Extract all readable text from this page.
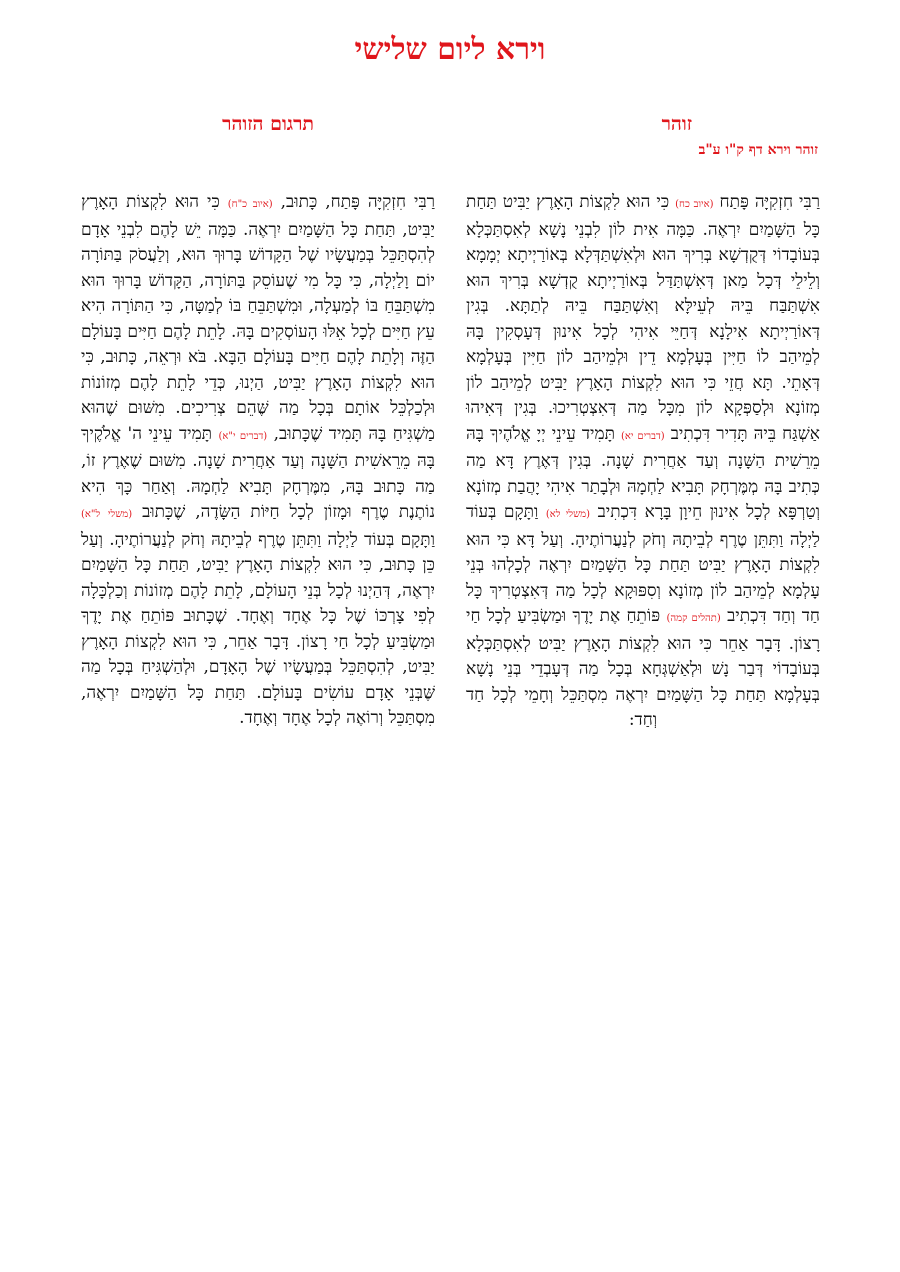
וירא ליום שלישי
זוהר
תרגום הזוהר
זוהר וירא דף ק"ו ע"ב
רַבִּי חִזְקִיָּה פָּתַח (איוב כח) כִּי הוּא לִקְצוֹת הָאָרֶץ יַבִּיט תַּחַת כָּל הַשָּׁמַיִם יִרְאֶה. כַּמָּה אִית לוֹן לִבְנֵי נָשָׁא לְאִסְתַּכְּלָא בְּעוֹבָדוֹי דְּקֻדְשָׁא בְּרִיךְ הוּא וּלְאִשְׁתַּדְּלָא בְּאוֹרַיְיתָא יְמָמָא וְלֵילֵי דְּכָל מַאן דְּאִשְׁתַּדַּל בְּאוֹרַיְיתָא קֻדְשָׁא בְּרִיךְ הוּא אִשְׁתַּבַּח בֵּיהּ לְעֵילָּא וְאִשְׁתַּבַּח בֵּיהּ לְתַתָּא. בְּגִין דְּאוֹרַיְיתָא אִילָנָא דְּחַיֵּי אִיהִי לְכָל אִינוּן דְּעָסְקִין בָּהּ לְמֵיהַב לוֹ חַיִּין בְּעָלְמָא דֵין וּלְמֵיהַב לוֹן חַיִּין בְּעָלְמָא דְּאָתֵי. תָּא חֲזֵי כִּי הוּא לִקְצוֹת הָאָרֶץ יַבִּיט לְמֵיהַב לוֹן מְזוֹנָא וּלְסַפְּקָא לוֹן מִכָּל מַה דְּאִצְטְרִיכוּ. בְּגִין דְּאִיהוּ אַשְׁגַּח בֵּיהּ תָּדִיר דִּכְתִיב (דברים יא) תָּמִיד עֵינֵי יְיָ אֱלֹהֶיךָ בָּהּ מֵרֵשִׁית הַשָּׁנָה וְעַד אַחֲרִית שָׁנָה. בְּגִין דְּאֶרֶץ דָּא מַה כְּתִיב בָּהּ מְמֶּרְחָק תָּבִיא לַחְמָהּ וּלְבָתַר אִיהִי יָהֲבַת מְזוֹנָא וְטַרְפָּא לְכָל אִינוּן חֵיוָן בָּרָא דִּכְתִיב (משלי לא) וַתָּקָם בְּעוֹד לַיְלָה וַתִּתֵּן טֶרֶף לְבֵיתָהּ וְחֹק לְנַעֲרוֹתֶיהָ. וְעַל דָּא כִּי הוּא לִקְצוֹת הָאָרֶץ יַבִּיט תַּחַת כָּל הַשָּׁמַיִם יִרְאֶה לְכָלְהוּ בְּנֵי עָלְמָא לְמֵיהַב לוֹן מְזוֹנָא וְסִפּוּקָא לְכָל מַה דְּאִצְטְרִיךְ כָּל חַד וְחַד דִּכְתִיב (תהלים קמה) פּוֹתֵחַ אֶת יָדֶךָ וּמַשְׂבִּיעַ לְכָל חַי רָצוֹן. דָּבָר אַחֵר כִּי הוּא לִקְצוֹת הָאָרֶץ יַבִּיט לְאִסְתַּכְּלָא בְּעוֹבָדוֹי דְּבַר נָשׁ וּלְאַשְׁגְּחָא בְּכָל מַה דְּעָבְדֵי בְּנֵי נָשָׁא בְּעָלְמָא תַּחַת כָּל הַשָּׁמַיִם יִרְאֶה מִסְתַּכֵּל וְחָמֵי לְכָל חַד וְחַד:
רַבִּי חִזְקִיָּה פָּתַח, כָּתוּב, (איוב כ"ח) כִּי הוּא לִקְצוֹת הָאָרֶץ יַבִּיט, תַּחַת כָּל הַשָּׁמַיִם יִרְאֶה. כַּמָּה יֵשׁ לָהֶם לִבְנֵי אָדָם לְהִסְתַּכֵּל בְּמַעֲשָׂיו שֶׁל הַקָּדוֹשׁ בָּרוּךְ הוּא, וְלַעֲסֹק בַּתּוֹרָה יוֹם וָלַיְלָה, כִּי כָּל מִי שֶׁעוֹסֵק בַּתּוֹרָה, הַקָּדוֹשׁ בָּרוּךְ הוּא מִשְׁתַּבֵּחַ בּוֹ לְמַעְלָה, וּמִשְׁתַּבֵּחַ בּוֹ לְמַטָּה, כִּי הַתּוֹרָה הִיא עֵץ חַיִּים לְכָל אֵלּוּ הָעוֹסְקִים בָּהּ. לָתֵת לָהֶם חַיִּים בָּעוֹלָם הַזֶּה וְלָתֵת לָהֶם חַיִּים בָּעוֹלָם הַבָּא. בֹּא וּרְאֵה, כָּתוּב, כִּי הוּא לִקְצוֹת הָאָרֶץ יַבִּיט, הַיְנוּ, כְּדֵי לָתֵת לָהֶם מְזוֹנוֹת וּלְכַלְכֵּל אוֹתָם בְּכָל מַה שֶּׁהֵם צְרִיכִים. מִשּׁוּם שֶׁהוּא מַשְׁגִּיחַ בָּהּ תָּמִיד שֶׁכָּתוּב, (דברים י"א) תָּמִיד עֵינֵי ה' אֱלֹקֶיךָ בָּהּ מֵרֵאשִׁית הַשָּׁנָה וְעַד אַחֲרִית שָׁנָה. מִשּׁוּם שֶׁאֶרֶץ זוֹ, מַה כָּתוּב בָּהּ, מִמֶּרְחָק תָּבִיא לַחְמָהּ. וְאַחַר כָּךְ הִיא נוֹתֶנֶת טֶרֶף וּמָזוֹן לְכָל חַיּוֹת הַשָּׂדֶה, שֶׁכָּתוּב (משלי ל"א) וַתָּקָם בְּעוֹד לַיְלָה וַתִּתֵּן טֶרֶף לְבֵיתָהּ וְחֹק לְנַעֲרוֹתֶיהָ. וְעַל כֵּן כָּתוּב, כִּי הוּא לִקְצוֹת הָאָרֶץ יַבִּיט, תַּחַת כָּל הַשָּׁמַיִם יִרְאֶה, דְּהַיְנוּ לְכָל בְּנֵי הָעוֹלָם, לָתֵת לָהֶם מְזוֹנוֹת וְכַלְכָּלָה לְפִי צָרְכּוֹ שֶׁל כָּל אֶחָד וְאֶחָד. שֶׁכָּתוּב פּוֹתֵחַ אֶת יָדֶךָ וּמַשְׂבִּיעַ לְכָל חַי רָצוֹן. דָּבָר אַחֵר, כִּי הוּא לִקְצוֹת הָאָרֶץ יַבִּיט, לְהִסְתַּכֵּל בְּמַעֲשָׂיו שֶׁל הָאָדָם, וּלְהַשְׁגִּיחַ בְּכָל מַה שֶּׁבְּנֵי אָדָם עוֹשִׂים בָּעוֹלָם. תַּחַת כָּל הַשָּׁמַיִם יִרְאֶה, מִסְתַּכֵּל וְרוֹאֶה לְכָל אֶחָד וְאֶחָד.
